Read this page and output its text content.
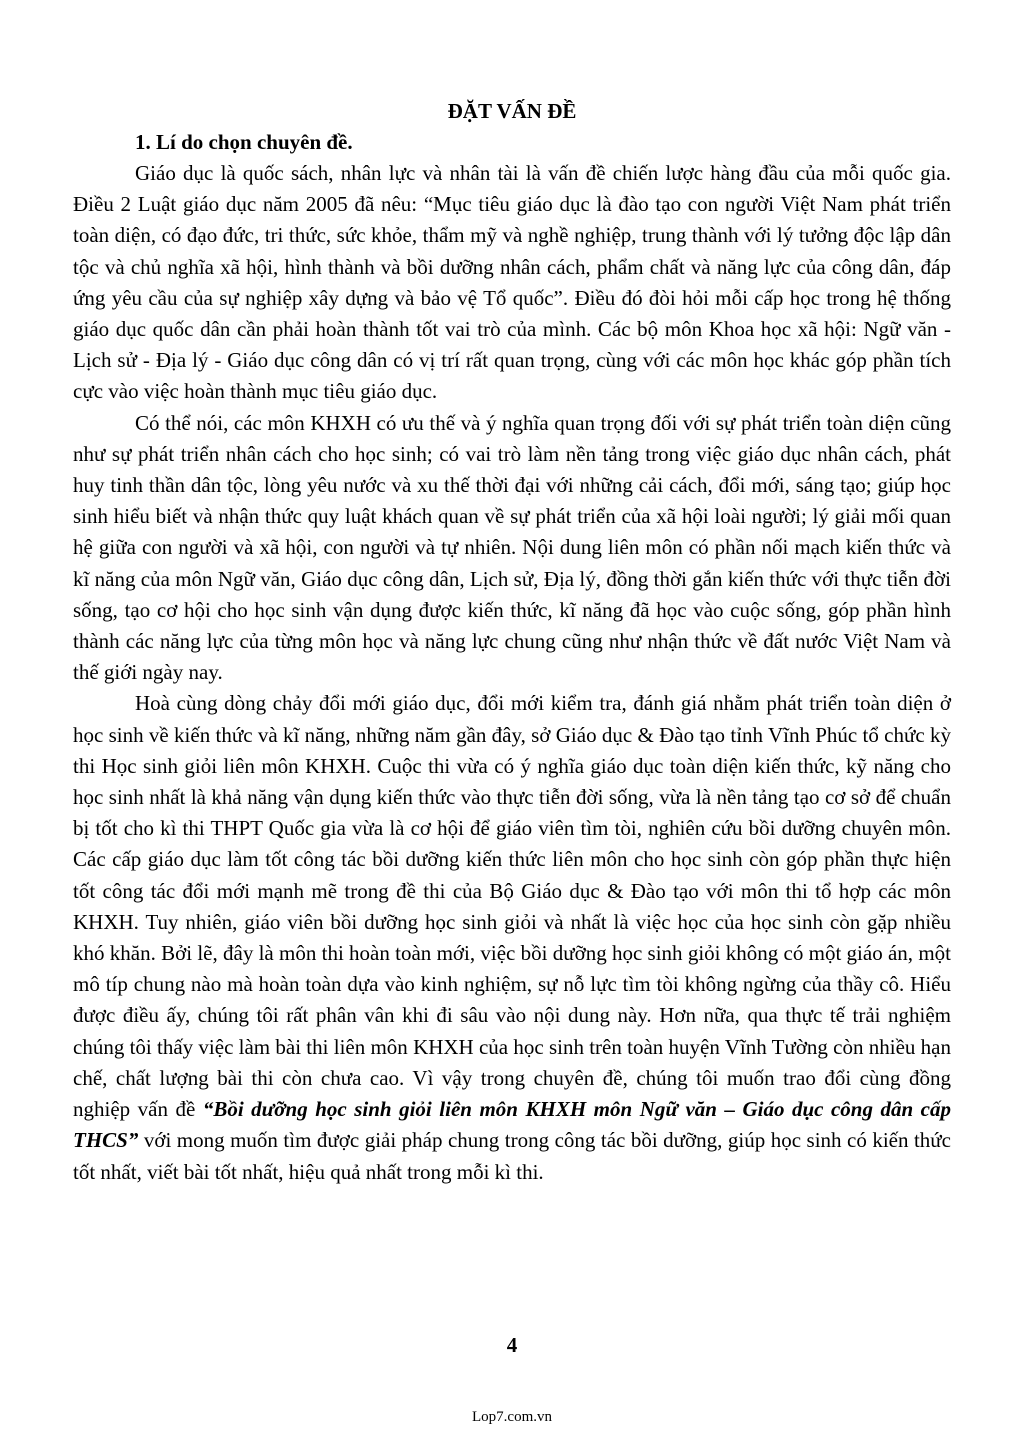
ĐẶT VẤN ĐỀ

1. Lí do chọn chuyên đề.

Giáo dục là quốc sách, nhân lực và nhân tài là vấn đề chiến lược hàng đầu của mỗi quốc gia. Điều 2 Luật giáo dục năm 2005 đã nêu: “Mục tiêu giáo dục là đào tạo con người Việt Nam phát triển toàn diện, có đạo đức, tri thức, sức khỏe, thẩm mỹ và nghề nghiệp, trung thành với lý tưởng độc lập dân tộc và chủ nghĩa xã hội, hình thành và bồi dưỡng nhân cách, phẩm chất và năng lực của công dân, đáp ứng yêu cầu của sự nghiệp xây dựng và bảo vệ Tổ quốc”. Điều đó đòi hỏi mỗi cấp học trong hệ thống giáo dục quốc dân cần phải hoàn thành tốt vai trò của mình. Các bộ môn Khoa học xã hội: Ngữ văn - Lịch sử - Địa lý - Giáo dục công dân có vị trí rất quan trọng, cùng với các môn học khác góp phần tích cực vào việc hoàn thành mục tiêu giáo dục.

Có thể nói, các môn KHXH có ưu thế và ý nghĩa quan trọng đối với sự phát triển toàn diện cũng như sự phát triển nhân cách cho học sinh; có vai trò làm nền tảng trong việc giáo dục nhân cách, phát huy tinh thần dân tộc, lòng yêu nước và xu thế thời đại với những cải cách, đổi mới, sáng tạo; giúp học sinh hiểu biết và nhận thức quy luật khách quan về sự phát triển của xã hội loài người; lý giải mối quan hệ giữa con người và xã hội, con người và tự nhiên. Nội dung liên môn có phần nối mạch kiến thức và kĩ năng của môn Ngữ văn, Giáo dục công dân, Lịch sử, Địa lý, đồng thời gắn kiến thức với thực tiễn đời sống, tạo cơ hội cho học sinh vận dụng được kiến thức, kĩ năng đã học vào cuộc sống, góp phần hình thành các năng lực của từng môn học và năng lực chung cũng như nhận thức về đất nước Việt Nam và thế giới ngày nay.

Hoà cùng dòng chảy đổi mới giáo dục, đổi mới kiểm tra, đánh giá nhằm phát triển toàn diện ở học sinh về kiến thức và kĩ năng, những năm gần đây, sở Giáo dục & Đào tạo tỉnh Vĩnh Phúc tổ chức kỳ thi Học sinh giỏi liên môn KHXH. Cuộc thi vừa có ý nghĩa giáo dục toàn diện kiến thức, kỹ năng cho học sinh nhất là khả năng vận dụng kiến thức vào thực tiễn đời sống, vừa là nền tảng tạo cơ sở để chuẩn bị tốt cho kì thi THPT Quốc gia vừa là cơ hội để giáo viên tìm tòi, nghiên cứu bồi dưỡng chuyên môn. Các cấp giáo dục làm tốt công tác bồi dưỡng kiến thức liên môn cho học sinh còn góp phần thực hiện tốt công tác đổi mới mạnh mẽ trong đề thi của Bộ Giáo dục & Đào tạo với môn thi tổ hợp các môn KHXH. Tuy nhiên, giáo viên bồi dưỡng học sinh giỏi và nhất là việc học của học sinh còn gặp nhiều khó khăn. Bởi lẽ, đây là môn thi hoàn toàn mới, việc bồi dưỡng học sinh giỏi không có một giáo án, một mô típ chung nào mà hoàn toàn dựa vào kinh nghiệm, sự nỗ lực tìm tòi không ngừng của thầy cô. Hiểu được điều ấy, chúng tôi rất phân vân khi đi sâu vào nội dung này. Hơn nữa, qua thực tế trải nghiệm chúng tôi thấy việc làm bài thi liên môn KHXH của học sinh trên toàn huyện Vĩnh Tường còn nhiều hạn chế, chất lượng bài thi còn chưa cao. Vì vậy trong chuyên đề, chúng tôi muốn trao đổi cùng đồng nghiệp vấn đề “Bồi dưỡng học sinh giỏi liên môn KHXH môn Ngữ văn – Giáo dục công dân cấp THCS” với mong muốn tìm được giải pháp chung trong công tác bồi dưỡng, giúp học sinh có kiến thức tốt nhất, viết bài tốt nhất, hiệu quả nhất trong mỗi kì thi.

4
Lop7.com.vn
